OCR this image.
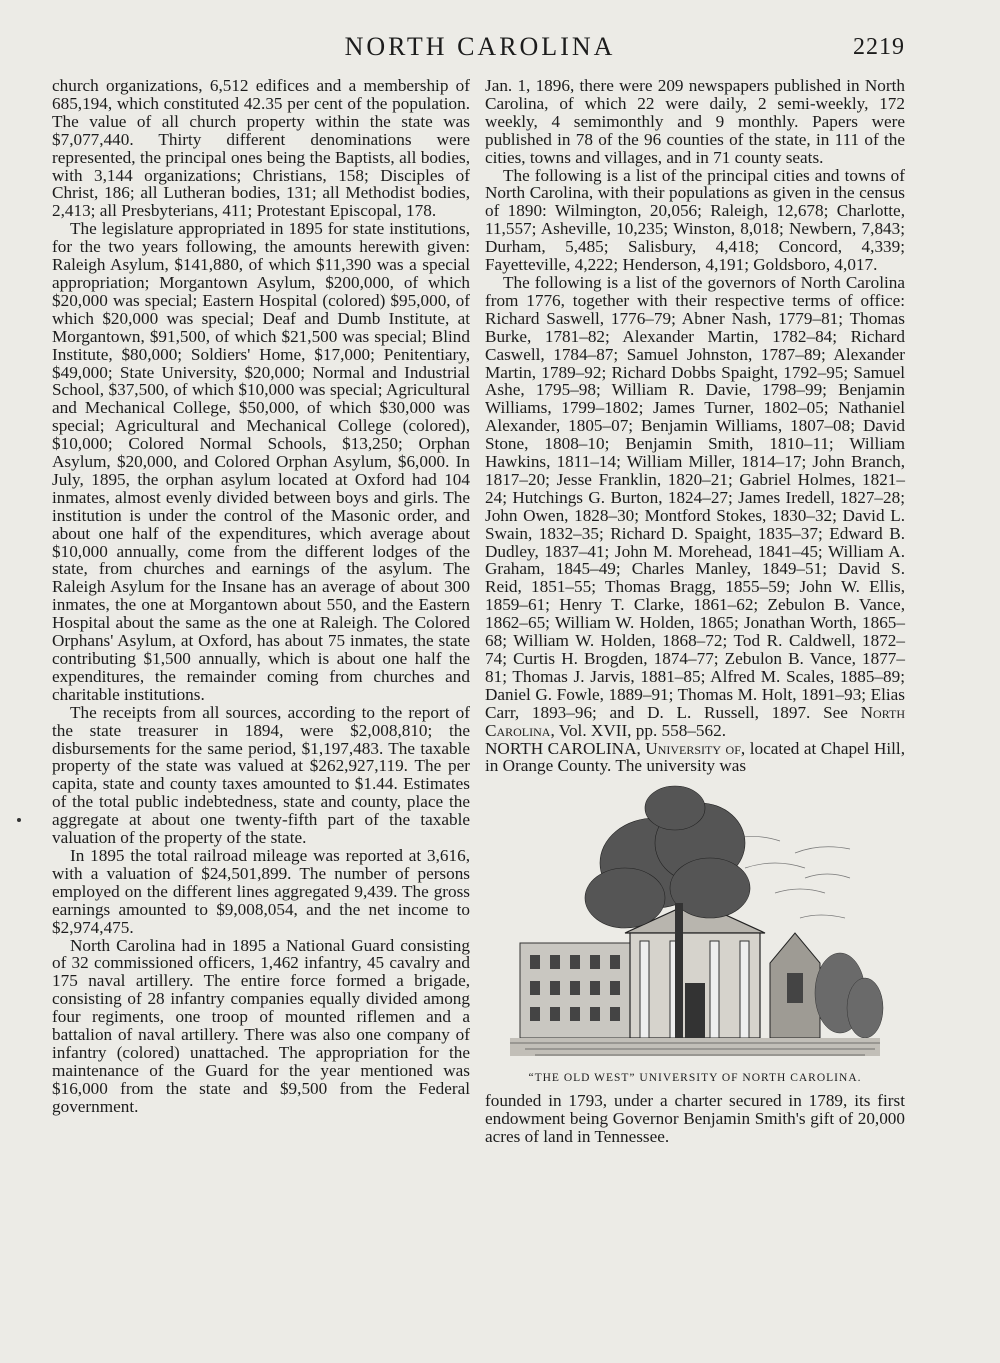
NORTH CAROLINA	2219

church organizations, 6,512 edifices and a membership of 685,194, which constituted 42.35 per cent of the population. The value of all church property within the state was $7,077,440. Thirty different denominations were represented, the principal ones being the Baptists, all bodies, with 3,144 organizations; Christians, 158; Disciples of Christ, 186; all Lutheran bodies, 131; all Methodist bodies, 2,413; all Presbyterians, 411; Protestant Episcopal, 178.

The legislature appropriated in 1895 for state institutions, for the two years following, the amounts herewith given: Raleigh Asylum, $141,880, of which $11,390 was a special appropriation; Morgantown Asylum, $200,000, of which $20,000 was special; Eastern Hospital (colored) $95,000, of which $20,000 was special; Deaf and Dumb Institute, at Morgantown, $91,500, of which $21,500 was special; Blind Institute, $80,000; Soldiers' Home, $17,000; Penitentiary, $49,000; State University, $20,000; Normal and Industrial School, $37,500, of which $10,000 was special; Agricultural and Mechanical College, $50,000, of which $30,000 was special; Agricultural and Mechanical College (colored), $10,000; Colored Normal Schools, $13,250; Orphan Asylum, $20,000, and Colored Orphan Asylum, $6,000. In July, 1895, the orphan asylum located at Oxford had 104 inmates, almost evenly divided between boys and girls. The institution is under the control of the Masonic order, and about one half of the expenditures, which average about $10,000 annually, come from the different lodges of the state, from churches and earnings of the asylum. The Raleigh Asylum for the Insane has an average of about 300 inmates, the one at Morgantown about 550, and the Eastern Hospital about the same as the one at Raleigh. The Colored Orphans' Asylum, at Oxford, has about 75 inmates, the state contributing $1,500 annually, which is about one half the expenditures, the remainder coming from churches and charitable institutions.

The receipts from all sources, according to the report of the state treasurer in 1894, were $2,008,810; the disbursements for the same period, $1,197,483. The taxable property of the state was valued at $262,927,119. The per capita, state and county taxes amounted to $1.44. Estimates of the total public indebtedness, state and county, place the aggregate at about one twenty-fifth part of the taxable valuation of the property of the state.

In 1895 the total railroad mileage was reported at 3,616, with a valuation of $24,501,899. The number of persons employed on the different lines aggregated 9,439. The gross earnings amounted to $9,008,054, and the net income to $2,974,475.

North Carolina had in 1895 a National Guard consisting of 32 commissioned officers, 1,462 infantry, 45 cavalry and 175 naval artillery. The entire force formed a brigade, consisting of 28 infantry companies equally divided among four regiments, one troop of mounted riflemen and a battalion of naval artillery. There was also one company of infantry (colored) unattached. The appropriation for the maintenance of the Guard for the year mentioned was $16,000 from the state and $9,500 from the Federal government.

Jan. 1, 1896, there were 209 newspapers published in North Carolina, of which 22 were daily, 2 semi-weekly, 172 weekly, 4 semimonthly and 9 monthly. Papers were published in 78 of the 96 counties of the state, in 111 of the cities, towns and villages, and in 71 county seats.

The following is a list of the principal cities and towns of North Carolina, with their populations as given in the census of 1890: Wilmington, 20,056; Raleigh, 12,678; Charlotte, 11,557; Asheville, 10,235; Winston, 8,018; Newbern, 7,843; Durham, 5,485; Salisbury, 4,418; Concord, 4,339; Fayetteville, 4,222; Henderson, 4,191; Goldsboro, 4,017.

The following is a list of the governors of North Carolina from 1776, together with their respective terms of office: Richard Saswell, 1776–79; Abner Nash, 1779–81; Thomas Burke, 1781–82; Alexander Martin, 1782–84; Richard Caswell, 1784–87; Samuel Johnston, 1787–89; Alexander Martin, 1789–92; Richard Dobbs Spaight, 1792–95; Samuel Ashe, 1795–98; William R. Davie, 1798–99; Benjamin Williams, 1799–1802; James Turner, 1802–05; Nathaniel Alexander, 1805–07; Benjamin Williams, 1807–08; David Stone, 1808–10; Benjamin Smith, 1810–11; William Hawkins, 1811–14; William Miller, 1814–17; John Branch, 1817–20; Jesse Franklin, 1820–21; Gabriel Holmes, 1821–24; Hutchings G. Burton, 1824–27; James Iredell, 1827–28; John Owen, 1828–30; Montford Stokes, 1830–32; David L. Swain, 1832–35; Richard D. Spaight, 1835–37; Edward B. Dudley, 1837–41; John M. Morehead, 1841–45; William A. Graham, 1845–49; Charles Manley, 1849–51; David S. Reid, 1851–55; Thomas Bragg, 1855–59; John W. Ellis, 1859–61; Henry T. Clarke, 1861–62; Zebulon B. Vance, 1862–65; William W. Holden, 1865; Jonathan Worth, 1865–68; William W. Holden, 1868–72; Tod R. Caldwell, 1872–74; Curtis H. Brogden, 1874–77; Zebulon B. Vance, 1877–81; Thomas J. Jarvis, 1881–85; Alfred M. Scales, 1885–89; Daniel G. Fowle, 1889–91; Thomas M. Holt, 1891–93; Elias Carr, 1893–96; and D. L. Russell, 1897. See North Carolina, Vol. XVII, pp. 558–562.

NORTH CAROLINA, University of, located at Chapel Hill, in Orange County. The university was

“THE OLD WEST” UNIVERSITY OF NORTH CAROLINA.

founded in 1793, under a charter secured in 1789, its first endowment being Governor Benjamin Smith's gift of 20,000 acres of land in Tennessee.
